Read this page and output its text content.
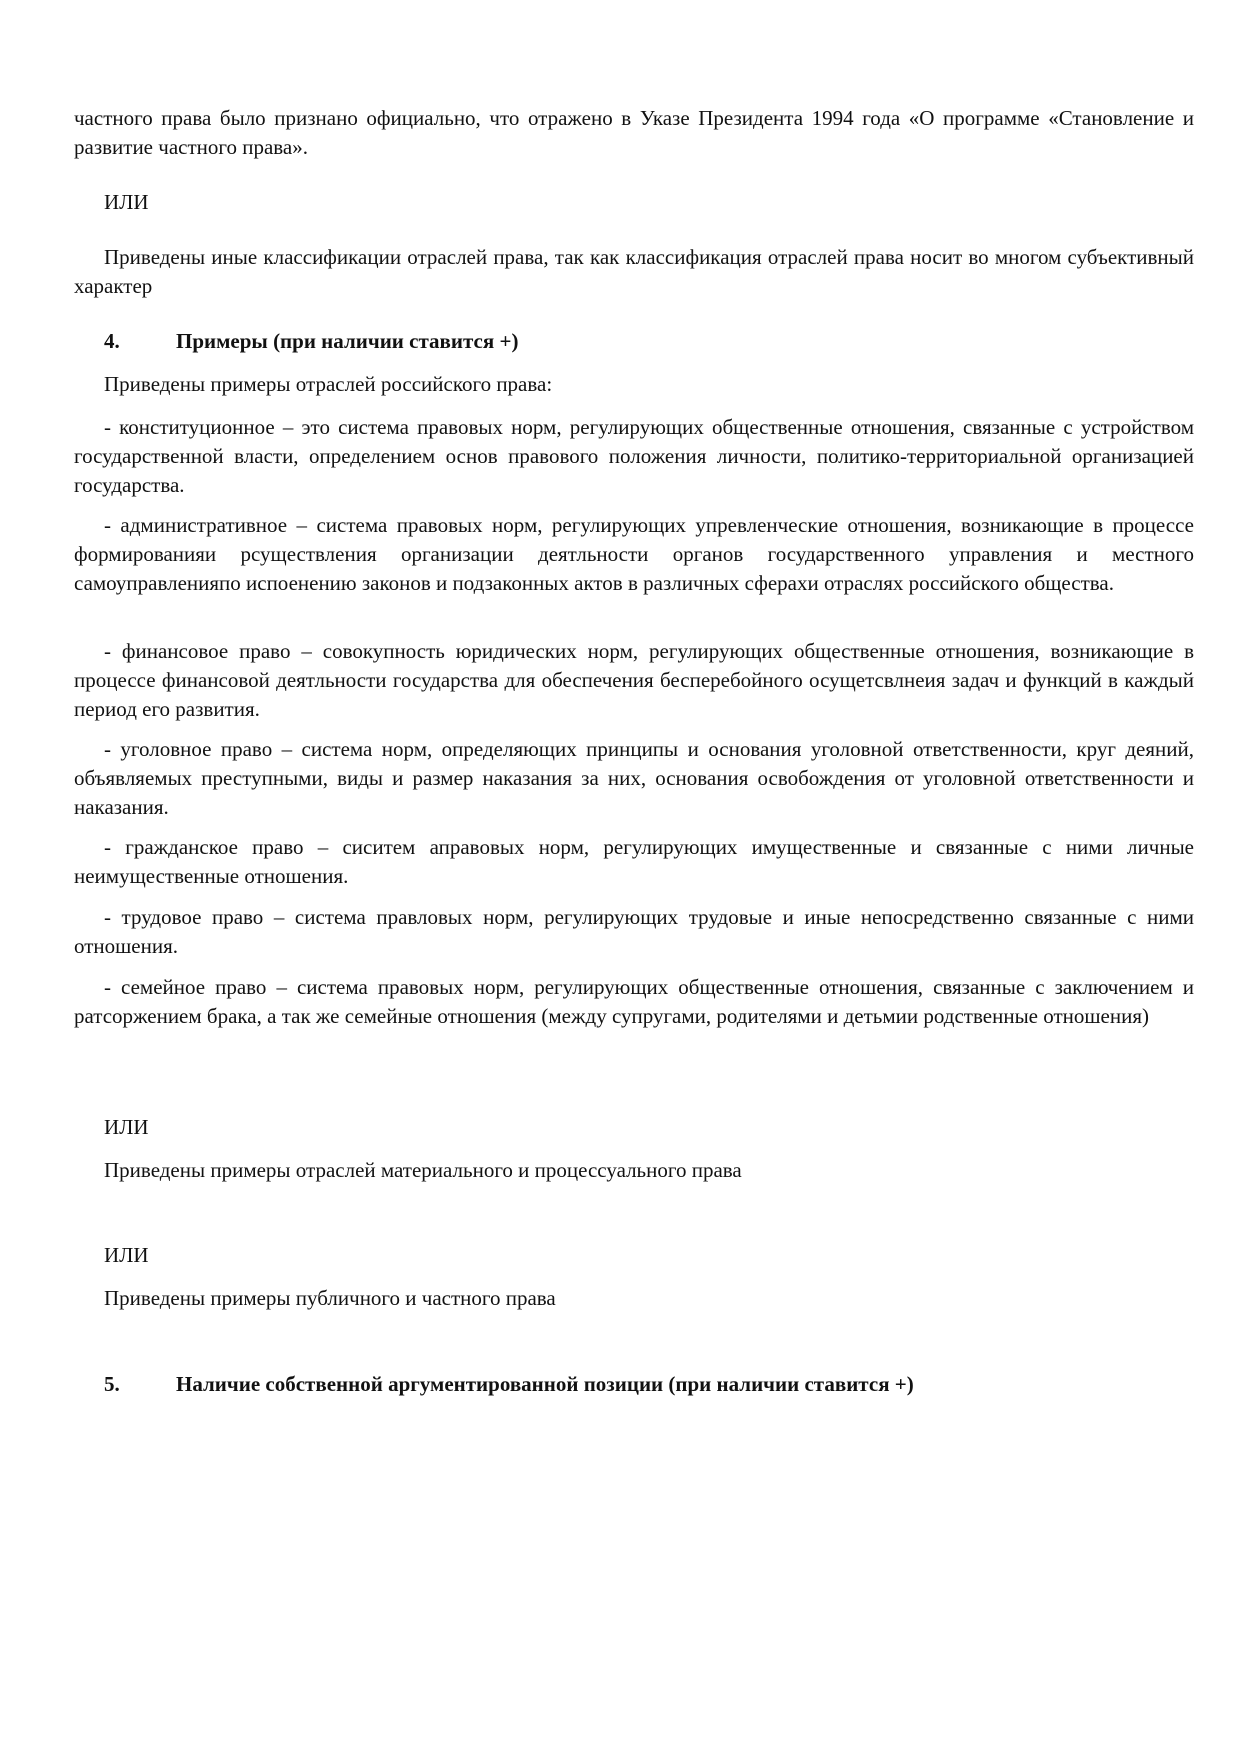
частного права было признано официально, что отражено в Указе Президента 1994 года «О программе «Становление и развитие частного права».

ИЛИ

Приведены иные классификации отраслей права, так как классификация отраслей права носит во многом субъективный характер

4.	Примеры (при наличии ставится +)

Приведены примеры отраслей российского права:

- конституционное – это система правовых норм, регулирующих общественные отношения, связанные с устройством государственной власти, определением основ правового положения личности, политико-территориальной организацией государства.

- административное – система правовых норм, регулирующих упревленческие отношения, возникающие в процессе формированияи рсуществления организации деятльности органов государственного управления и местного самоуправленияпо испоенению законов и подзаконных актов в различных сферахи отраслях российского общества.

- финансовое право – совокупность юридических норм, регулирующих общественные отношения, возникающие в процессе финансовой деятльности государства для обеспечения бесперебойного осущетсвлнеия задач и функций в каждый период его развития.

- уголовное право – система норм, определяющих принципы и основания уголовной ответственности, круг деяний, объявляемых преступными, виды и размер наказания за них, основания освобождения от уголовной ответственности и наказания.

- гражданское право – сиситем аправовых норм, регулирующих имущественные и связанные с ними личные неимущественные отношения.

- трудовое право – система правловых норм, регулирующих трудовые и иные непосредственно связанные с ними отношения.

- семейное право – система правовых норм, регулирующих общественные отношения, связанные с заключением и ратсоржением брака, а так же семейные отношения (между супругами, родителями и детьмии родственные отношения)

ИЛИ

Приведены примеры отраслей материального и процессуального права

ИЛИ

Приведены примеры публичного и частного права

5.	Наличие собственной аргументированной позиции (при наличии ставится +)
